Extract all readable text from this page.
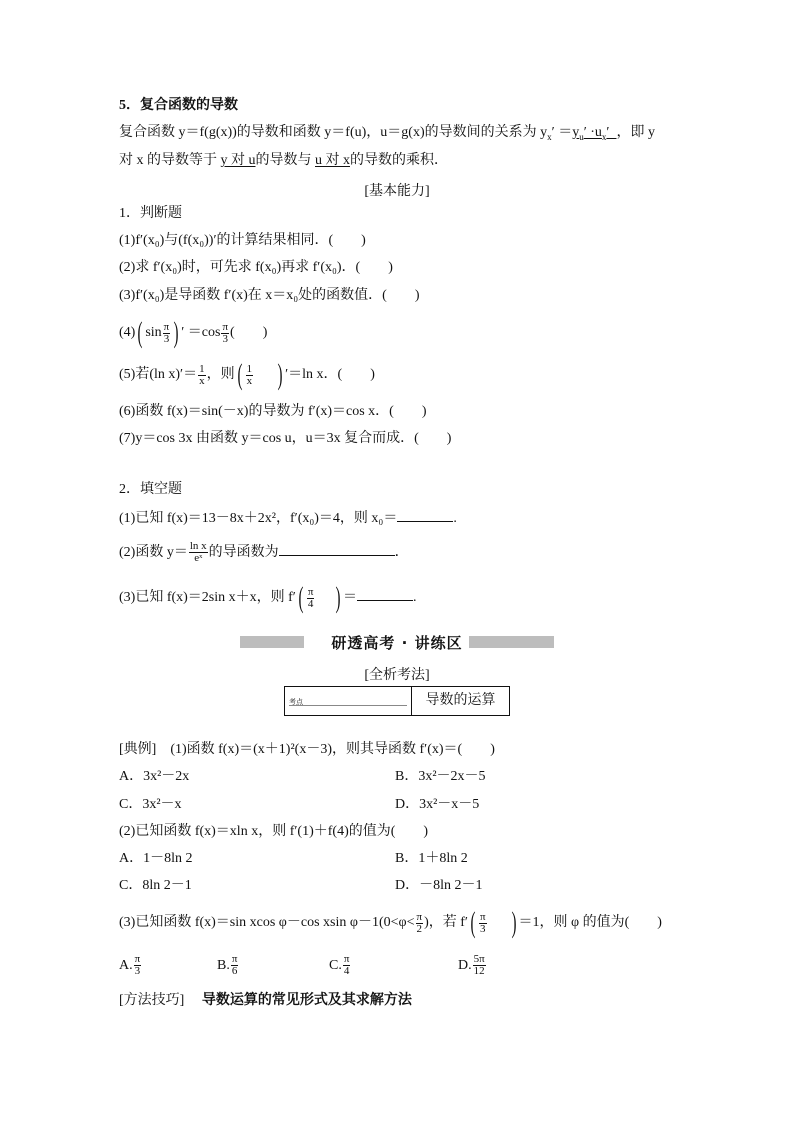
5．复合函数的导数
复合函数 y＝f(g(x))的导数和函数 y＝f(u)，u＝g(x)的导数间的关系为 $y_x' =y_u' \cdot u_x'$ ，即 y
对 x 的导数等于 y 对 u的导数与 u 对 x的导数的乘积．
[基本能力]
1．判断题
(1)f′(x₀)与(f(x₀))′的计算结果相同．(　　)
(2)求 f′(x₀)时，可先求 f(x₀)再求 f′(x₀)．(　　)
(3)f′(x₀)是导函数 f′(x)在 x＝x₀处的函数值．(　　)
(4)( $\sin \frac{\pi}{3}$ ) ′ $=\cos \frac{\pi}{3}$ (　　)
(5)若(ln $x)'= \frac{1}{x}$ ，则( $\frac{1}{x}$ ) ′＝ln x．(　　)
(6)函数 f(x)＝sin(－x)的导数为 f′(x)＝cos x．(　　)
(7)y＝cos 3x 由函数 y＝cos u，u＝3x 复合而成．(　　)
2．填空题
(1)已知 f(x)＝13－8x＋2x²，f′(x₀)＝4，则 x₀＝	.
(2)函数 $y= \frac{\text{ln x}}{\text{eˣ}}$ 的导函数为	．
(3)已知 f(x)＝2sin x＋x，则 $f'( \frac{\pi}{4}$ ) ＝	.
研透高考 · 讲练区
[全析考法]
考点	导数的运算
[典例]　(1)函数 f(x)＝(x＋1)²(x－3)，则其导函数 f′(x)＝(　　)
A．3x²－2x	B．3x²－2x－5
C．3x²－x	D．3x²－x－5
(2)已知函数 f(x)＝xln x，则 f′(1)＋f(4)的值为(　　)
A．1－8ln 2	B．1＋8ln 2
C．8ln 2－1	D．－8ln 2－1
(3)已知函数 f(x)＝sin xcos φ－cos xsin $\varphi-1(0<\varphi< \frac{\pi}{2}$ )，若 $f'( \frac{\pi}{3}$ ) ＝1，则 φ 的值为(　　)
A. $\frac{\pi}{3}$	B. $\frac{\pi}{6}$	C. $\frac{\pi}{4}$	D. $\frac{5\pi}{12}$
[方法技巧] 导数运算的常见形式及其求解方法
